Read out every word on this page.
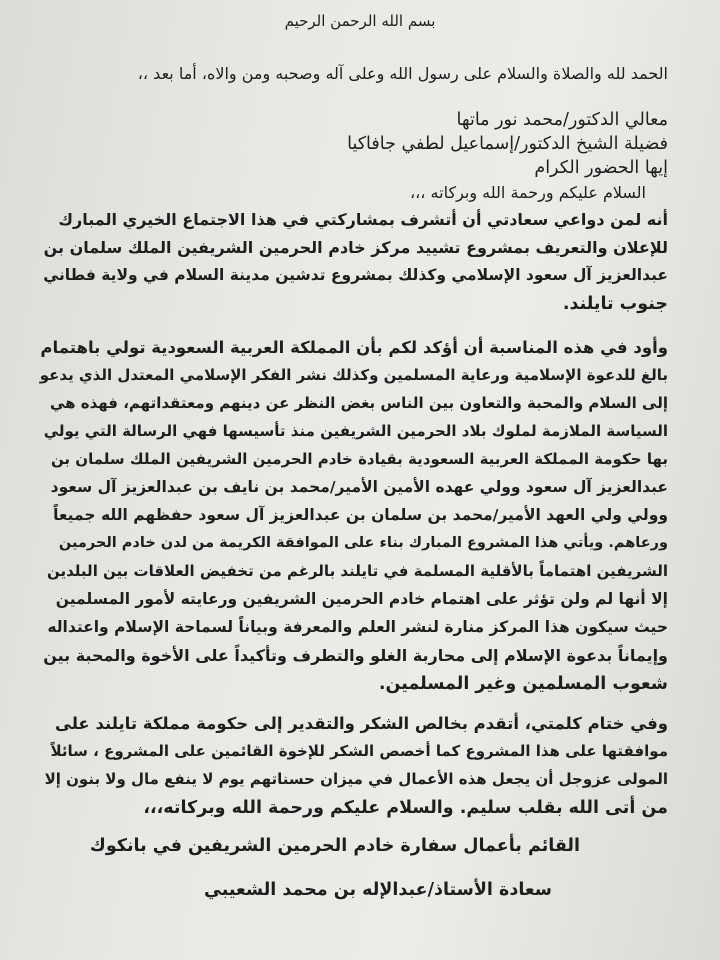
بسم الله الرحمن الرحيم

الحمد لله والصلاة والسلام على رسول الله وعلى آله وصحبه ومن والاه، أما بعد ،،

معالي الدكتور/محمد نور ماتها

فضيلة الشيخ الدكتور/إسماعيل لطفي جافاكيا

إيها الحضور الكرام

السلام عليكم ورحمة الله وبركاته ،،،

أنه لمن دواعي سعادتي أن أتشرف بمشاركتي في هذا الاجتماع الخيري المبارك

للإعلان والتعريف بمشروع تشييد مركز خادم الحرمين الشريفين الملك سلمان بن

عبدالعزيز آل سعود الإسلامي وكذلك بمشروع تدشين مدينة السلام في ولاية فطاني

جنوب تايلند.

وأود في هذه المناسبة أن أؤكد لكم بأن المملكة العربية السعودية تولي باهتمام

بالغ للدعوة الإسلامية ورعاية المسلمين وكذلك نشر الفكر الإسلامي المعتدل الذي يدعو

إلى السلام والمحبة والتعاون بين الناس بغض النظر عن دينهم ومعتقداتهم، فهذه هي

السياسة الملازمة لملوك بلاد الحرمين الشريفين منذ تأسيسها فهي الرسالة التي يولي

بها حكومة المملكة العربية السعودية بقيادة خادم الحرمين الشريفين الملك سلمان بن

عبدالعزيز آل سعود وولي عهده الأمين الأمير/محمد بن نايف بن عبدالعزيز آل سعود

وولي ولي العهد الأمير/محمد بن سلمان بن عبدالعزيز آل سعود حفظهم الله جميعاً

ورعاهم. ويأتي هذا المشروع المبارك بناء على الموافقة الكريمة من لدن خادم الحرمين

الشريفين اهتماماً بالأقلية المسلمة في تايلند بالرغم من تخفيض العلاقات بين البلدين

إلا أنها لم ولن تؤثر على اهتمام خادم الحرمين الشريفين ورعايته لأمور المسلمين

حيث سيكون هذا المركز منارة لنشر العلم والمعرفة وبياناً لسماحة الإسلام واعتداله

وإيماناً بدعوة الإسلام إلى محاربة الغلو والتطرف وتأكيداً على الأخوة والمحبة بين

شعوب المسلمين وغير المسلمين.

وفي ختام كلمتي، أتقدم بخالص الشكر والتقدير إلى حكومة مملكة تايلند على

موافقتها على هذا المشروع كما أخصص الشكر للإخوة القائمين على المشروع ، سائلاً

المولى عزوجل أن يجعل هذه الأعمال في ميزان حسناتهم يوم لا ينفع مال ولا بنون إلا

من أتى الله بقلب سليم. والسلام عليكم ورحمة الله وبركاته،،،

القائم بأعمال سفارة خادم الحرمين الشريفين في بانكوك

سعادة الأستاذ/عبدالإله بن محمد الشعيبي
